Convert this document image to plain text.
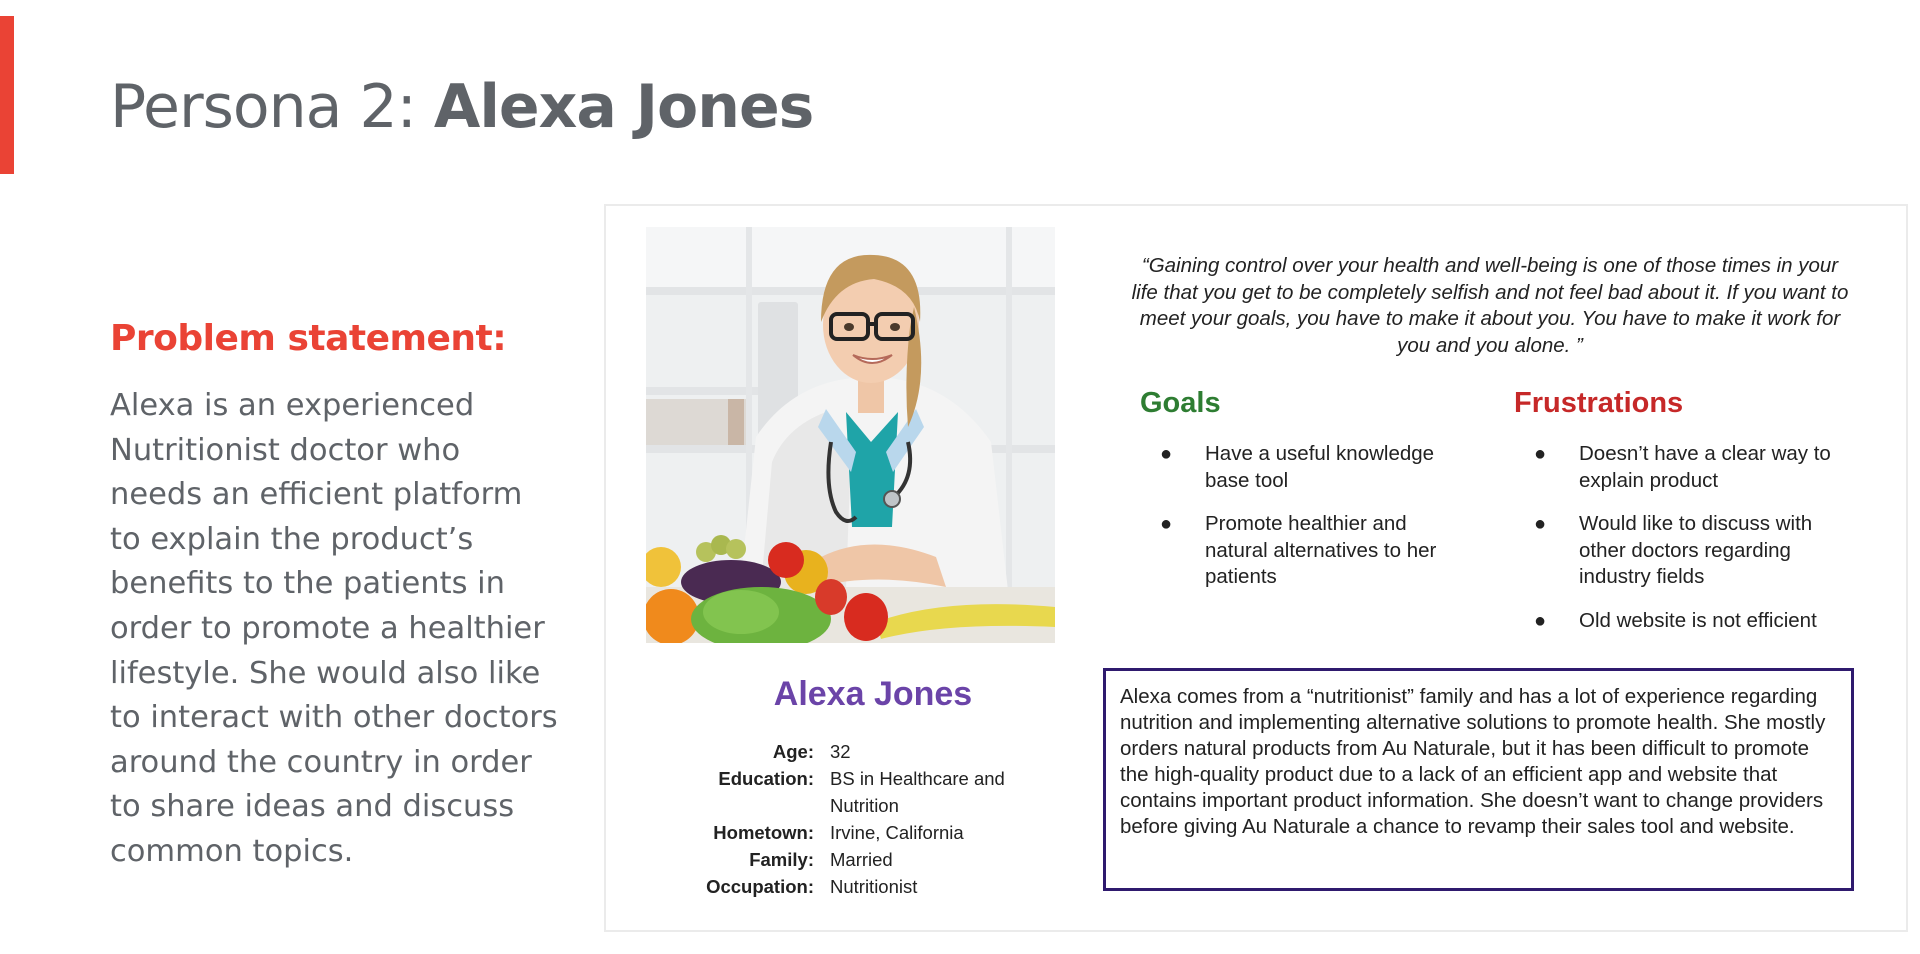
Persona 2: Alexa Jones
Problem statement:
Alexa is an experienced
Nutritionist doctor who
needs an efficient platform
to explain the product’s
benefits to the patients in
order to promote a healthier
lifestyle. She would also like
to interact with other doctors
around the country in order
to share ideas and discuss
common topics.
“Gaining control over your health and well-being is one of those times in your life that you get to be completely selfish and not feel bad about it. If you want to meet your goals, you have to make it about you. You have to make it work for you and you alone. ”
Goals
● Have a useful knowledge base tool
● Promote healthier and natural alternatives to her patients
Frustrations
● Doesn’t have a clear way to explain product
● Would like to discuss with other doctors regarding industry fields
● Old website is not efficient
Alexa Jones
Age: 32
Education: BS in Healthcare and Nutrition
Hometown: Irvine, California
Family: Married
Occupation: Nutritionist
Alexa comes from a “nutritionist” family and has a lot of experience regarding nutrition and implementing alternative solutions to promote health. She mostly orders natural products from Au Naturale, but it has been difficult to promote the high-quality product due to a lack of an efficient app and website that contains important product information. She doesn’t want to change providers before giving Au Naturale a chance to revamp their sales tool and website.
